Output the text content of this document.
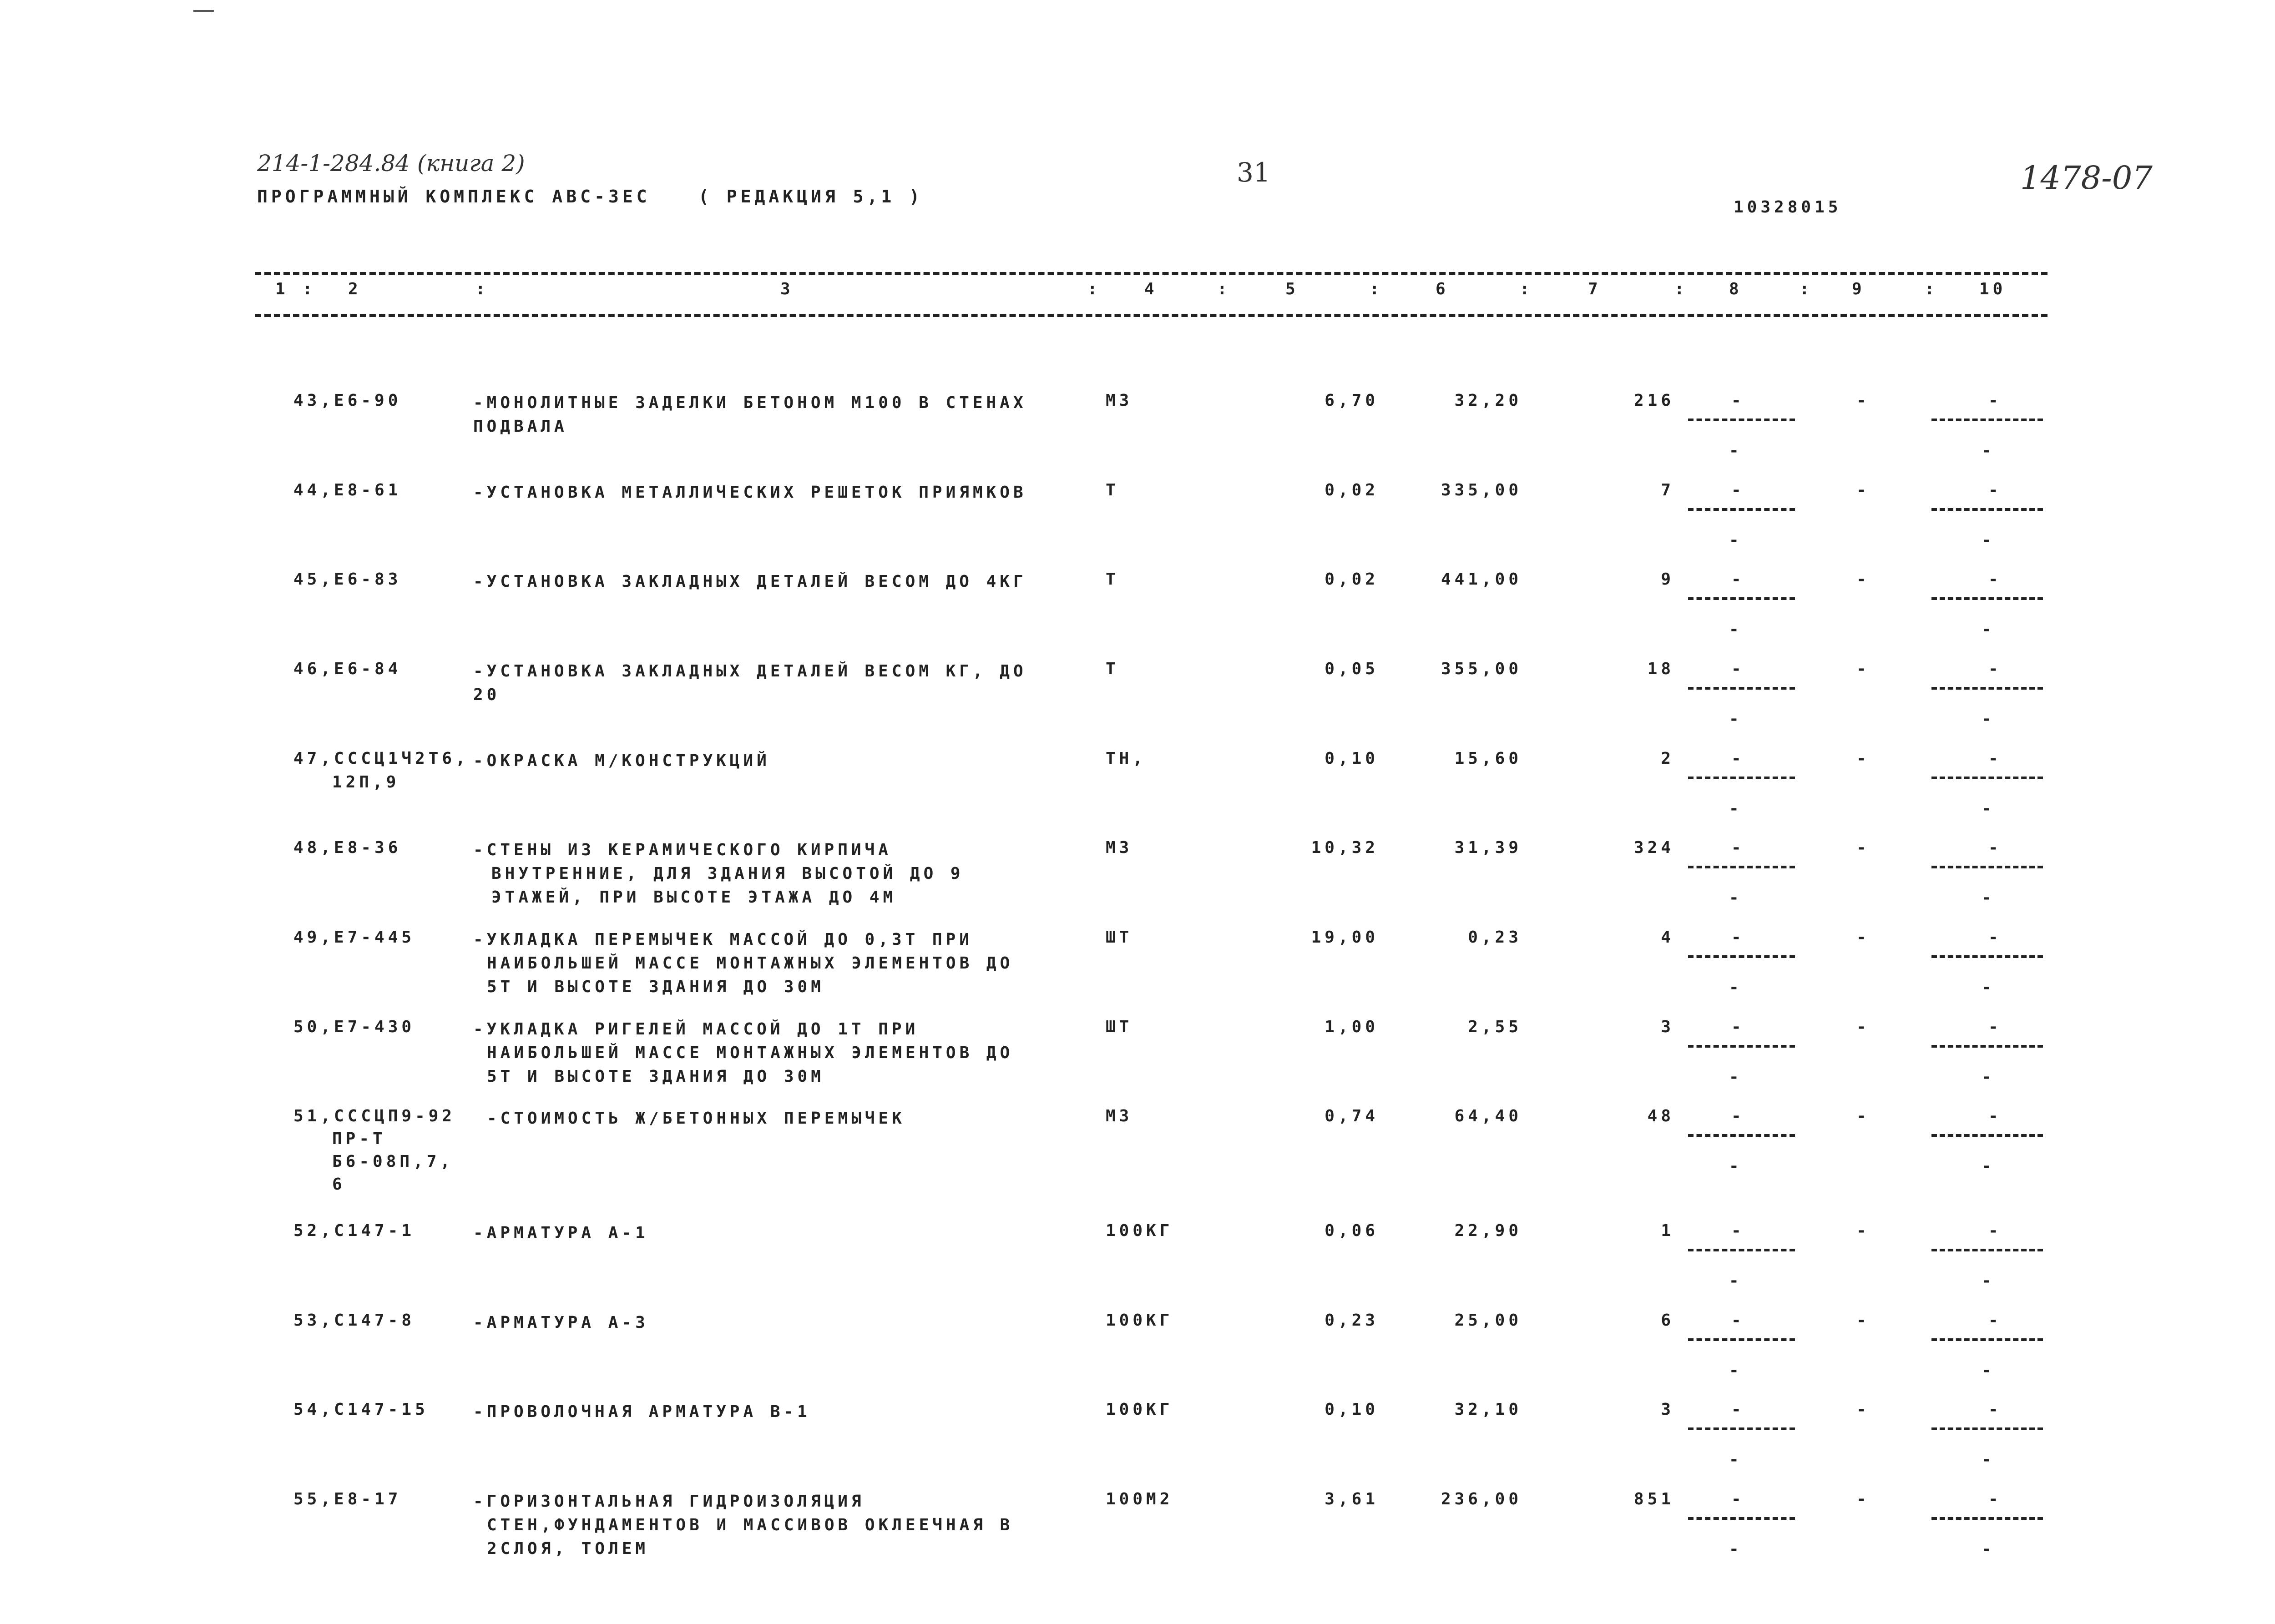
214-1-284.84 (книга 2)
ПРОГРАММНЫЙ КОМПЛЕКС АВС-3ЕС	( РЕДАКЦИЯ 5,1 )
31
10328015
1478-07
1 : 2	:	3	:	4	:	5	:	6	:	7	:	8	: 9	:	10
43,Е6-90	-МОНОЛИТНЫЕ ЗАДЕЛКИ БЕТОНОМ М100 В СТЕНАХ
ПОДВАЛА
М3	6,70	32,20	216	-	-	-
-	-
44,Е8-61	-УСТАНОВКА МЕТАЛЛИЧЕСКИХ РЕШЕТОК ПРИЯМКОВ	Т	0,02	335,00	7	-	-	-
-	-
45,Е6-83	-УСТАНОВКА ЗАКЛАДНЫХ ДЕТАЛЕЙ ВЕСОМ ДО 4КГ	Т	0,02	441,00	9	-	-	-
-	-
46,Е6-84	-УСТАНОВКА ЗАКЛАДНЫХ ДЕТАЛЕЙ ВЕСОМ КГ, ДО
20
Т	0,05	355,00	18	-	-	-
-	-
47,СССЦ1Ч2Т6,
12П,9
-ОКРАСКА М/КОНСТРУКЦИЙ	ТН,	0,10	15,60	2	-	-	-
-	-
48,Е8-36	-СТЕНЫ ИЗ КЕРАМИЧЕСКОГО КИРПИЧА
ВНУТРЕННИЕ, ДЛЯ ЗДАНИЯ ВЫСОТОЙ ДО 9
ЭТАЖЕЙ, ПРИ ВЫСОТЕ ЭТАЖА ДО 4М
М3	10,32	31,39	324	-	-	-
-	-
49,Е7-445	-УКЛАДКА ПЕРЕМЫЧЕК МАССОЙ ДО 0,3Т ПРИ
НАИБОЛЬШЕЙ МАССЕ МОНТАЖНЫХ ЭЛЕМЕНТОВ ДО
5Т И ВЫСОТЕ ЗДАНИЯ ДО 30М
ШТ	19,00	0,23	4	-	-	-
-	-
50,Е7-430	-УКЛАДКА РИГЕЛЕЙ МАССОЙ ДО 1Т ПРИ
НАИБОЛЬШЕЙ МАССЕ МОНТАЖНЫХ ЭЛЕМЕНТОВ ДО
5Т И ВЫСОТЕ ЗДАНИЯ ДО 30М
ШТ	1,00	2,55	3	-	-	-
-	-
51,СССЦП9-92
ПР-Т
Б6-08П,7,
6
-СТОИМОСТЬ Ж/БЕТОННЫХ ПЕРЕМЫЧЕК	М3	0,74	64,40	48	-	-	-
-	-
52,С147-1	-АРМАТУРА А-1	100КГ	0,06	22,90	1	-	-	-
-	-
53,С147-8	-АРМАТУРА А-3	100КГ	0,23	25,00	6	-	-	-
-	-
54,С147-15	-ПРОВОЛОЧНАЯ АРМАТУРА В-1	100КГ	0,10	32,10	3	-	-	-
-	-
55,Е8-17	-ГОРИЗОНТАЛЬНАЯ ГИДРОИЗОЛЯЦИЯ
СТЕН,ФУНДАМЕНТОВ И МАССИВОВ ОКЛЕЕЧНАЯ В
2СЛОЯ, ТОЛЕМ
100М2	3,61	236,00	851	-	-	-
-	-
